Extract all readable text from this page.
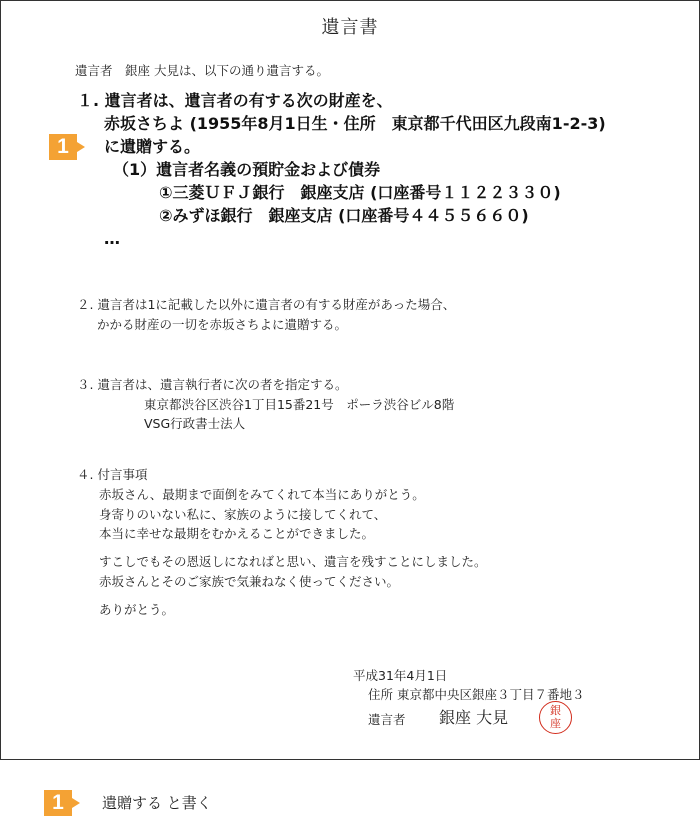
遺言書
遺言者　銀座 大見は、以下の通り遺言する。
１. 遺言者は、遺言者の有する次の財産を、
赤坂さちよ (1955年8月1日生・住所　東京都千代田区九段南1-2-3)
1	に遺贈する。
（1）遺言者名義の預貯金および債券
①三菱ＵＦＪ銀行　銀座支店 (口座番号１１２２３３０)
②みずほ銀行　銀座支店 (口座番号４４５５６６０)
…
２. 遺言者は1に記載した以外に遺言者の有する財産があった場合、
かかる財産の一切を赤坂さちよに遺贈する。
３. 遺言者は、遺言執行者に次の者を指定する。
東京都渋谷区渋谷1丁目15番21号　ポーラ渋谷ビル8階
VSG行政書士法人
４. 付言事項
赤坂さん、最期まで面倒をみてくれて本当にありがとう。
身寄りのいない私に、家族のように接してくれて、
本当に幸せな最期をむかえることができました。
すこしでもその恩返しになればと思い、遺言を残すことにしました。
赤坂さんとそのご家族で気兼ねなく使ってください。
ありがとう。
平成31年4月1日
住所 東京都中央区銀座３丁目７番地３
遺言者 銀座 大見	銀
座
1	遺贈する と書く
